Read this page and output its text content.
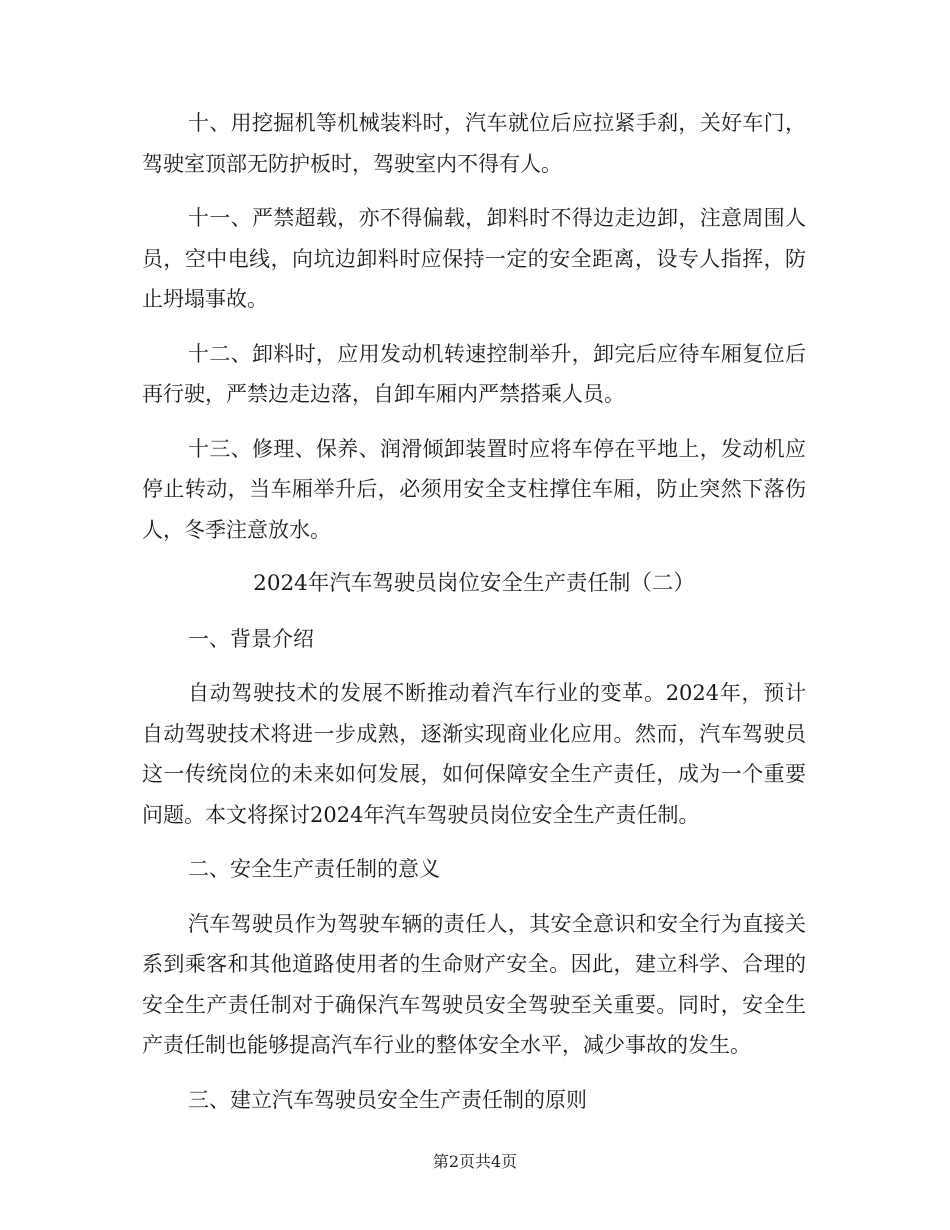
十、用挖掘机等机械装料时，汽车就位后应拉紧手刹，关好车门，驾驶室顶部无防护板时，驾驶室内不得有人。

十一、严禁超载，亦不得偏载，卸料时不得边走边卸，注意周围人员，空中电线，向坑边卸料时应保持一定的安全距离，设专人指挥，防止坍塌事故。

十二、卸料时，应用发动机转速控制举升，卸完后应待车厢复位后再行驶，严禁边走边落，自卸车厢内严禁搭乘人员。

十三、修理、保养、润滑倾卸装置时应将车停在平地上，发动机应停止转动，当车厢举升后，必须用安全支柱撑住车厢，防止突然下落伤人，冬季注意放水。

2024年汽车驾驶员岗位安全生产责任制（二）

一、背景介绍

自动驾驶技术的发展不断推动着汽车行业的变革。2024年，预计自动驾驶技术将进一步成熟，逐渐实现商业化应用。然而，汽车驾驶员这一传统岗位的未来如何发展，如何保障安全生产责任，成为一个重要问题。本文将探讨2024年汽车驾驶员岗位安全生产责任制。

二、安全生产责任制的意义

汽车驾驶员作为驾驶车辆的责任人，其安全意识和安全行为直接关系到乘客和其他道路使用者的生命财产安全。因此，建立科学、合理的安全生产责任制对于确保汽车驾驶员安全驾驶至关重要。同时，安全生产责任制也能够提高汽车行业的整体安全水平，减少事故的发生。

三、建立汽车驾驶员安全生产责任制的原则

第2页共4页
